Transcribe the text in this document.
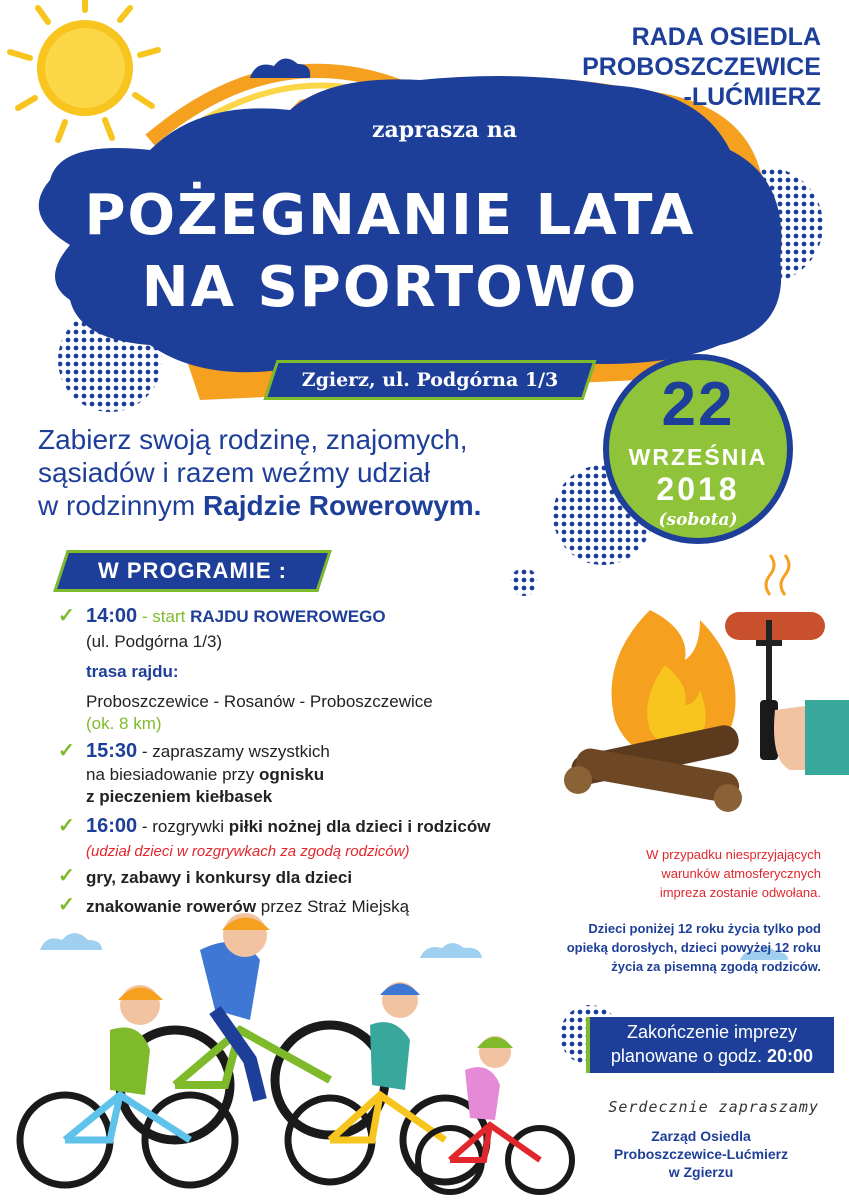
RADA OSIEDLA
PROBOSZCZEWICE
-LUĆMIERZ
zaprasza na
POŻEGNANIE LATA
NA SPORTOWO
Zgierz, ul. Podgórna 1/3	22
WRZEŚNIA
2018
(sobota)
Zabierz swoją rodzinę, znajomych,
sąsiadów i razem weźmy udział
w rodzinnym Rajdzie Rowerowym.
W PROGRAMIE :
✓ 14:00 - start RAJDU ROWEROWEGO
(ul. Podgórna 1/3)
trasa rajdu:
Proboszczewice - Rosanów - Proboszczewice
(ok. 8 km)
✓ 15:30 - zapraszamy wszystkich
na biesiadowanie przy ognisku
z pieczeniem kiełbasek
✓ 16:00 - rozgrywki piłki nożnej dla dzieci i rodziców
(udział dzieci w rozgrywkach za zgodą rodziców)
✓ gry, zabawy i konkursy dla dzieci
✓ znakowanie rowerów przez Straż Miejską
W przypadku niesprzyjających
warunków atmosferycznych
impreza zostanie odwołana.
Dzieci poniżej 12 roku życia tylko pod
opieką dorosłych, dzieci powyżej 12 roku
życia za pisemną zgodą rodziców.
Zakończenie imprezy
planowane o godz. 20:00
Serdecznie zapraszamy
Zarząd Osiedla
Proboszczewice-Lućmierz
w Zgierzu
